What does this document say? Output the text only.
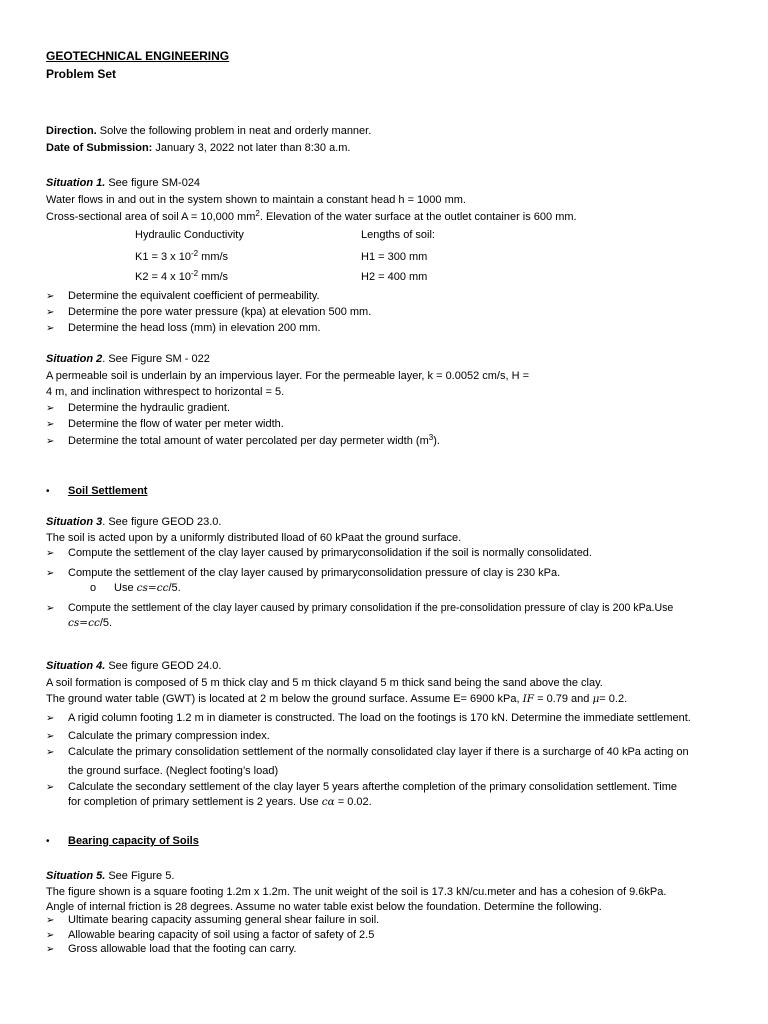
GEOTECHNICAL ENGINEERING
Problem Set
Direction. Solve the following problem in neat and orderly manner.
Date of Submission: January 3, 2022 not later than 8:30 a.m.
Situation 1. See figure SM-024
Water flows in and out in the system shown to maintain a constant head h = 1000 mm.
Cross-sectional area of soil A = 10,000 $mm^2$. Elevation of the water surface at the outlet container is 600 mm.
Hydraulic Conductivity	Lengths of soil:
K1 = 3 x $10^{-2}$ mm/s	H1 = 300 mm
K2 = 4 x $10^{-2}$ mm/s	H2 = 400 mm
➢ Determine the equivalent coefficient of permeability.
➢ Determine the pore water pressure (kpa) at elevation 500 mm.
➢ Determine the head loss (mm) in elevation 200 mm.
Situation 2. See Figure SM - 022
A permeable soil is underlain by an impervious layer. For the permeable layer, k = 0.0052 cm/s, H =
4 m, and inclination withrespect to horizontal = 5.
➢ Determine the hydraulic gradient.
➢ Determine the flow of water per meter width.
➢ Determine the total amount of water percolated per day permeter width $(m^3)$.
• Soil Settlement
Situation 3. See figure GEOD 23.0.
The soil is acted upon by a uniformly distributed lload of 60 kPaat the ground surface.
➢ Compute the settlement of the clay layer caused by primaryconsolidation if the soil is normally consolidated.
➢ Compute the settlement of the clay layer caused by primaryconsolidation pressure of clay is 230 kPa.
o Use cs=cc/5.
➢ Compute the settlement of the clay layer caused by primary consolidation if the pre-consolidation pressure of clay is 200 kPa.Use
cs=cc/5.
Situation 4. See figure GEOD 24.0.
A soil formation is composed of 5 m thick clay and 5 m thick clayand 5 m thick sand being the sand above the clay.
The ground water table (GWT) is located at 2 m below the ground surface. Assume E= 6900 kPa, IF = 0.79 and μ= 0.2.
➢ A rigid column footing 1.2 m in diameter is constructed. The load on the footings is 170 kN. Determine the immediate settlement.
➢ Calculate the primary compression index.
➢ Calculate the primary consolidation settlement of the normally consolidated clay layer if there is a surcharge of 40 kPa acting on
the ground surface. (Neglect footing’s load)
➢ Calculate the secondary settlement of the clay layer 5 years afterthe completion of the primary consolidation settlement. Time
for completion of primary settlement is 2 years. Use cα = 0.02.
• Bearing capacity of Soils
Situation 5. See Figure 5.
The figure shown is a square footing 1.2m x 1.2m. The unit weight of the soil is 17.3 kN/cu.meter and has a cohesion of 9.6kPa.
Angle of internal friction is 28 degrees. Assume no water table exist below the foundation. Determine the following.
➢ Ultimate bearing capacity assuming general shear failure in soil.
➢ Allowable bearing capacity of soil using a factor of safety of 2.5
➢ Gross allowable load that the footing can carry.
